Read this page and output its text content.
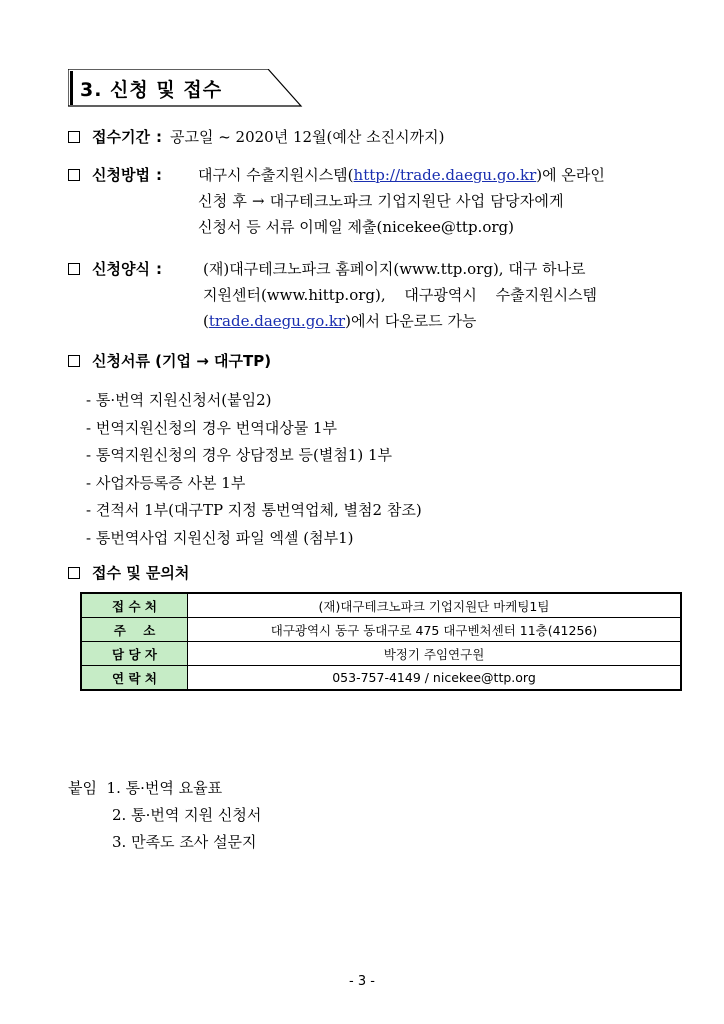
3. 신청 및 접수
접수기간 : 공고일 ~ 2020년 12월(예산 소진시까지)
신청방법 :	대구시 수출지원시스템(http://trade.daegu.go.kr)에 온라인
신청 후 → 대구테크노파크 기업지원단 사업 담당자에게
신청서 등 서류 이메일 제출(nicekee@ttp.org)
신청양식 :	(재)대구테크노파크 홈페이지(www.ttp.org), 대구 하나로
지원센터(www.hittp.org), 대구광역시 수출지원시스템
(trade.daegu.go.kr)에서 다운로드 가능
신청서류 (기업 → 대구TP)
- 통·번역 지원신청서(붙임2)
- 번역지원신청의 경우 번역대상물 1부
- 통역지원신청의 경우 상담정보 등(별첨1) 1부
- 사업자등록증 사본 1부
- 견적서 1부(대구TP 지정 통번역업체, 별첨2 참조)
- 통번역사업 지원신청 파일 엑셀 (첨부1)
접수 및 문의처
접 수 처	(재)대구테크노파크 기업지원단 마케팅1팀
주    소	대구광역시 동구 동대구로 475 대구벤처센터 11층(41256)
담 당 자	박정기 주임연구원
연 락 처	053-757-4149 / nicekee@ttp.org
붙임 1. 통·번역 요율표
2. 통·번역 지원 신청서
3. 만족도 조사 설문지
- 3 -
